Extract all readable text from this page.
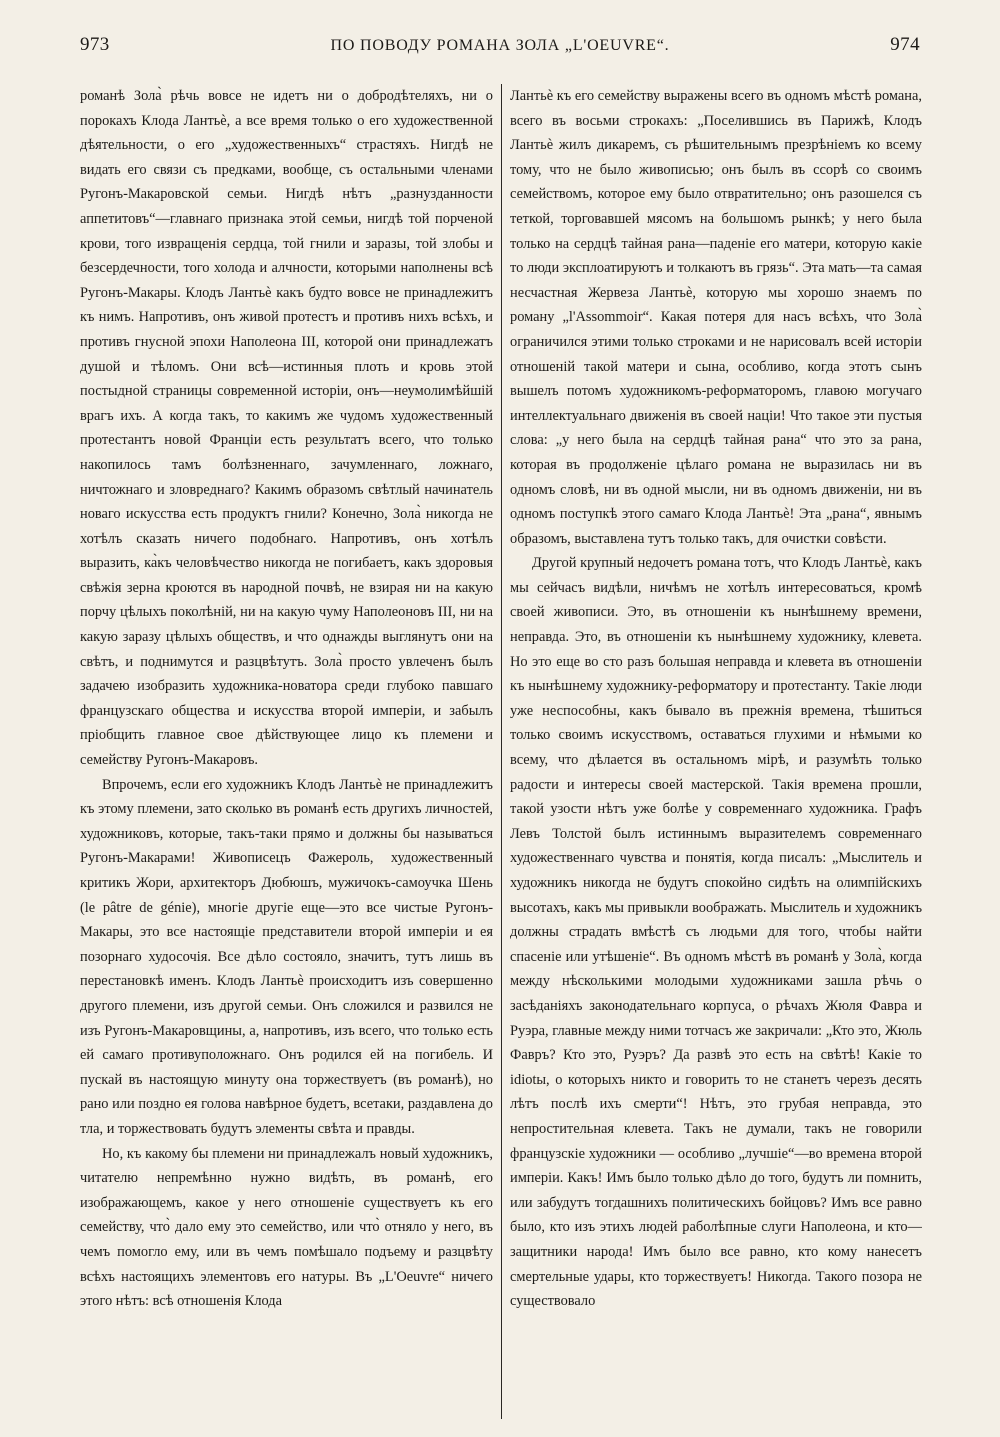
973	ПО ПОВОДУ РОМАНА ЗОЛА „L'OEUVRE“.	974

романѣ Зола̀ рѣчь вовсе не идетъ ни о добродѣтеляхъ, ни о порокахъ Клода Лантьѐ, а все время только о его художественной дѣятельности, о его „художественныхъ“ страстяхъ. Нигдѣ не видать его связи съ предками, вообще, съ остальными членами Ругонъ-Макаровской семьи. Нигдѣ нѣтъ „разнузданности аппетитовъ“—главнаго признака этой семьи, нигдѣ той порченой крови, того извращенія сердца, той гнили и заразы, той злобы и безсердечности, того холода и алчности, которыми наполнены всѣ Ругонъ-Макары. Клодъ Лантьѐ какъ будто вовсе не принадлежитъ къ нимъ. Напротивъ, онъ живой протестъ и противъ нихъ всѣхъ, и противъ гнусной эпохи Наполеона III, которой они принадлежатъ душой и тѣломъ. Они всѣ—истинныя плоть и кровь этой постыдной страницы современной исторіи, онъ—неумолимѣйшій врагъ ихъ. А когда такъ, то какимъ же чудомъ художественный протестантъ новой Франціи есть результатъ всего, что только накопилось тамъ болѣзненнаго, зачумленнаго, ложнаго, ничтожнаго и зловреднаго? Какимъ образомъ свѣтлый начинатель новаго искусства есть продуктъ гнили? Конечно, Зола̀ никогда не хотѣлъ сказать ничего подобнаго. Напротивъ, онъ хотѣлъ выразить, ка̀къ человѣчество никогда не погибаетъ, какъ здоровыя свѣжія зерна кроются въ народной почвѣ, не взирая ни на какую порчу цѣлыхъ поколѣній, ни на какую чуму Наполеоновъ III, ни на какую заразу цѣлыхъ обществъ, и что однажды выглянутъ они на свѣтъ, и поднимутся и разцвѣтутъ. Зола̀ просто увлеченъ былъ задачею изобразить художника-новатора среди глубоко павшаго французскаго общества и искусства второй имперіи, и забылъ пріобщить главное свое дѣйствующее лицо къ племени и семейству Ругонъ-Макаровъ.

Впрочемъ, если его художникъ Клодъ Лантьѐ не принадлежитъ къ этому племени, зато сколько въ романѣ есть другихъ личностей, художниковъ, которые, такъ-таки прямо и должны бы называться Ругонъ-Макарами! Живописецъ Фажероль, художественный критикъ Жори, архитекторъ Дюбюшъ, мужичокъ-самоучка Шень (le pâtre de génie), многіе другіе еще—это все чистые Ругонъ-Макары, это все настоящіе представители второй имперіи и ея позорнаго худосочія. Все дѣло состояло, значитъ, тутъ лишь въ перестановкѣ именъ. Клодъ Лантьѐ происходитъ изъ совершенно другого племени, изъ другой семьи. Онъ сложился и развился не изъ Ругонъ-Макаровщины, а, напротивъ, изъ всего, что только есть ей самаго противуположнаго. Онъ родился ей на погибель. И пускай въ настоящую минуту она торжествуетъ (въ романѣ), но рано или поздно ея голова навѣрное будетъ, всетаки, раздавлена до тла, и торжествовать будутъ элементы свѣта и правды.

Но, къ какому бы племени ни принадлежалъ новый художникъ, читателю непремѣнно нужно видѣть, въ романѣ, его изображающемъ, какое у него отношеніе существуетъ къ его семейству, что̀ дало ему это семейство, или что̀ отняло у него, въ чемъ помогло ему, или въ чемъ помѣшало подъему и разцвѣту всѣхъ настоящихъ элементовъ его натуры. Въ „L'Oeuvre“ ничего этого нѣтъ: всѣ отношенія Клода

Лантьѐ къ его семейству выражены всего въ одномъ мѣстѣ романа, всего въ восьми строкахъ: „Поселившись въ Парижѣ, Клодъ Лантьѐ жилъ дикаремъ, съ рѣшительнымъ презрѣніемъ ко всему тому, что не было живописью; онъ былъ въ ссорѣ со своимъ семействомъ, которое ему было отвратительно; онъ разошелся съ теткой, торговавшей мясомъ на большомъ рынкѣ; у него была только на сердцѣ тайная рана—паденіе его матери, которую какіе то люди эксплоатируютъ и толкаютъ въ грязь“. Эта мать—та самая несчастная Жервеза Лантьѐ, которую мы хорошо знаемъ по роману „l'Assommoir“. Какая потеря для насъ всѣхъ, что Зола̀ ограничился этими только строками и не нарисовалъ всей исторіи отношеній такой матери и сына, особливо, когда этотъ сынъ вышелъ потомъ художникомъ-реформаторомъ, главою могучаго интеллектуальнаго движенія въ своей націи! Что такое эти пустыя слова: „у него была на сердцѣ тайная рана“ что это за рана, которая въ продолженіе цѣлаго романа не выразилась ни въ одномъ словѣ, ни въ одной мысли, ни въ одномъ движеніи, ни въ одномъ поступкѣ этого самаго Клода Лантьѐ! Эта „рана“, явнымъ образомъ, выставлена тутъ только такъ, для очистки совѣсти.

Другой крупный недочетъ романа тотъ, что Клодъ Лантьѐ, какъ мы сейчасъ видѣли, ничѣмъ не хотѣлъ интересоваться, кромѣ своей живописи. Это, въ отношеніи къ нынѣшнему времени, неправда. Это, въ отношеніи къ нынѣшнему художнику, клевета. Но это еще во сто разъ большая неправда и клевета въ отношеніи къ нынѣшнему художнику-реформатору и протестанту. Такіе люди уже неспособны, какъ бывало въ прежнія времена, тѣшиться только своимъ искусствомъ, оставаться глухими и нѣмыми ко всему, что дѣлается въ остальномъ мірѣ, и разумѣть только радости и интересы своей мастерской. Такія времена прошли, такой узости нѣтъ уже болѣе у современнаго художника. Графъ Левъ Толстой былъ истиннымъ выразителемъ современнаго художественнаго чувства и понятія, когда писалъ: „Мыслитель и художникъ никогда не будутъ спокойно сидѣть на олимпійскихъ высотахъ, какъ мы привыкли воображать. Мыслитель и художникъ должны страдать вмѣстѣ съ людьми для того, чтобы найти спасеніе или утѣшеніе“. Въ одномъ мѣстѣ въ романѣ у Зола̀, когда между нѣсколькими молодыми художниками зашла рѣчь о засѣданіяхъ законодательнаго корпуса, о рѣчахъ Жюля Фавра и Руэра, главные между ними тотчасъ же закричали: „Кто это, Жюль Фавръ? Кто это, Руэръ? Да развѣ это есть на свѣтѣ! Какіе то idiotы, о которыхъ никто и говорить то не станетъ черезъ десять лѣтъ послѣ ихъ смерти“! Нѣтъ, это грубая неправда, это непростительная клевета. Такъ не думали, такъ не говорили французскіе художники — особливо „лучшіе“—во времена второй имперіи. Какъ! Имъ было только дѣло до того, будутъ ли помнить, или забудутъ тогдашнихъ политическихъ бойцовъ? Имъ все равно было, кто изъ этихъ людей раболѣпные слуги Наполеона, и кто—защитники народа! Имъ было все равно, кто кому нанесетъ смертельные удары, кто торжествуетъ! Никогда. Такого позора не существовало
